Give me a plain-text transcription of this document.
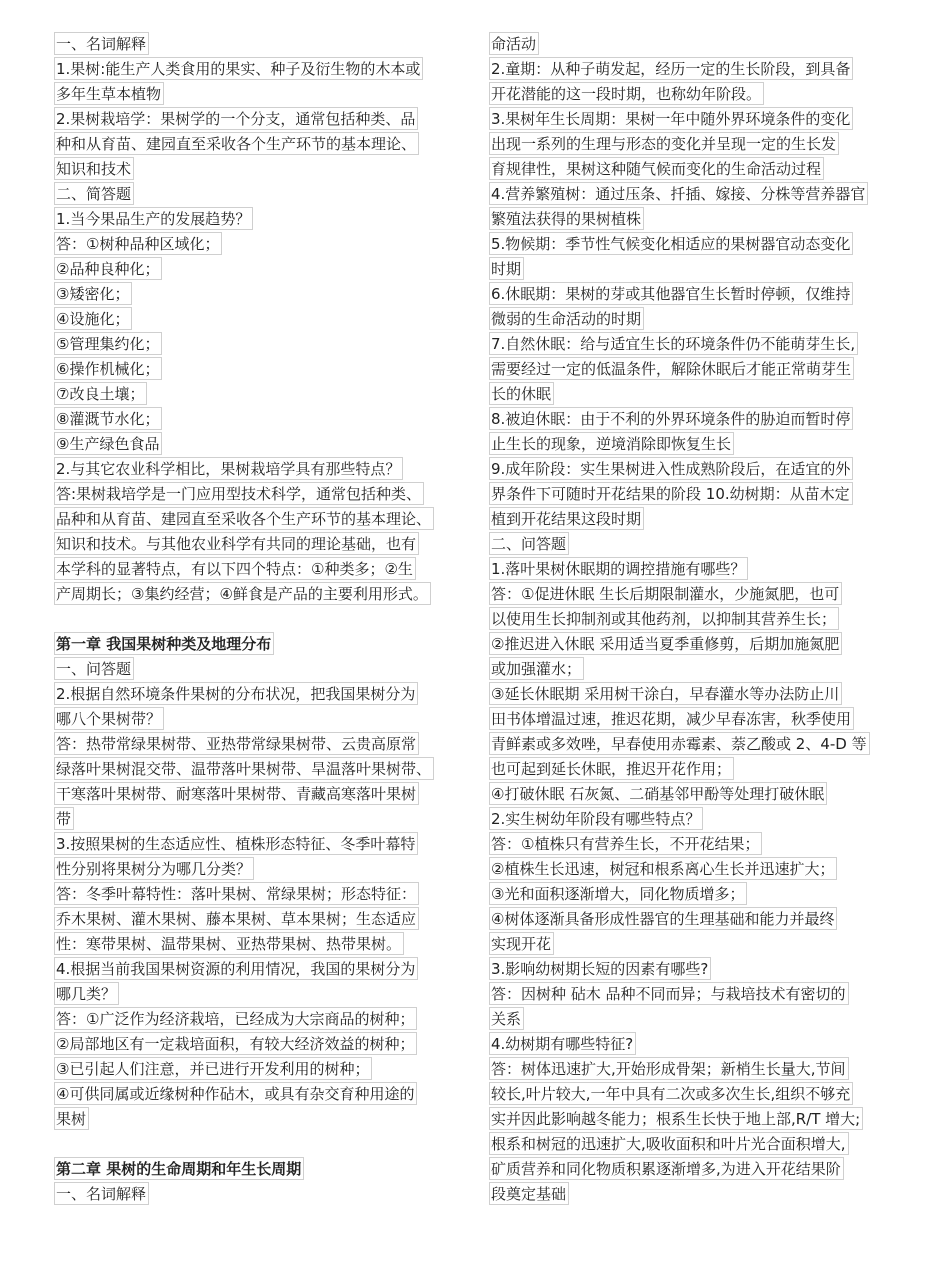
一、名词解释
1.果树:能生产人类食用的果实、种子及衍生物的木本或
多年生草本植物
2.果树栽培学：果树学的一个分支，通常包括种类、品
种和从育苗、建园直至采收各个生产环节的基本理论、
知识和技术
二、简答题
1.当今果品生产的发展趋势？
答：①树种品种区域化；
②品种良种化；
③矮密化；
④设施化；
⑤管理集约化；
⑥操作机械化；
⑦改良土壤；
⑧灌溉节水化；
⑨生产绿色食品
2.与其它农业科学相比，果树栽培学具有那些特点？
答:果树栽培学是一门应用型技术科学，通常包括种类、
品种和从育苗、建园直至采收各个生产环节的基本理论、
知识和技术。与其他农业科学有共同的理论基础，也有
本学科的显著特点，有以下四个特点：①种类多；②生
产周期长；③集约经营；④鲜食是产品的主要利用形式。
第一章 我国果树种类及地理分布
一、问答题
2.根据自然环境条件果树的分布状况，把我国果树分为
哪八个果树带？
答：热带常绿果树带、亚热带常绿果树带、云贵高原常
绿落叶果树混交带、温带落叶果树带、旱温落叶果树带、
干寒落叶果树带、耐寒落叶果树带、青藏高寒落叶果树
带
3.按照果树的生态适应性、植株形态特征、冬季叶幕特
性分别将果树分为哪几分类？
答：冬季叶幕特性：落叶果树、常绿果树；形态特征：
乔木果树、灌木果树、藤本果树、草本果树；生态适应
性：寒带果树、温带果树、亚热带果树、热带果树。
4.根据当前我国果树资源的利用情况，我国的果树分为
哪几类？
答：①广泛作为经济栽培，已经成为大宗商品的树种；
②局部地区有一定栽培面积，有较大经济效益的树种；
③已引起人们注意，并已进行开发利用的树种；
④可供同属或近缘树种作砧木，或具有杂交育种用途的
果树
第二章 果树的生命周期和年生长周期
一、名词解释
命活动
2.童期：从种子萌发起，经历一定的生长阶段，到具备
开花潜能的这一段时期，也称幼年阶段。
3.果树年生长周期：果树一年中随外界环境条件的变化
出现一系列的生理与形态的变化并呈现一定的生长发
育规律性，果树这种随气候而变化的生命活动过程
4.营养繁殖树：通过压条、扦插、嫁接、分株等营养器官
繁殖法获得的果树植株
5.物候期：季节性气候变化相适应的果树器官动态变化
时期
6.休眠期：果树的芽或其他器官生长暂时停顿，仅维持
微弱的生命活动的时期
7.自然休眠：给与适宜生长的环境条件仍不能萌芽生长,
需要经过一定的低温条件，解除休眠后才能正常萌芽生
长的休眠
8.被迫休眠：由于不利的外界环境条件的胁迫而暂时停
止生长的现象，逆境消除即恢复生长
9.成年阶段：实生果树进入性成熟阶段后，在适宜的外
界条件下可随时开花结果的阶段 10.幼树期：从苗木定
植到开花结果这段时期
二、问答题
1.落叶果树休眠期的调控措施有哪些？
答：①促进休眠 生长后期限制灌水，少施氮肥，也可
以使用生长抑制剂或其他药剂，以抑制其营养生长；
②推迟进入休眠 采用适当夏季重修剪，后期加施氮肥
或加强灌水；
③延长休眠期 采用树干涂白，早春灌水等办法防止川
田书体增温过速，推迟花期，减少早春冻害，秋季使用
青鲜素或多效唑，早春使用赤霉素、萘乙酸或 2、4-D 等
也可起到延长休眠，推迟开花作用；
④打破休眠 石灰氮、二硝基邻甲酚等处理打破休眠
2.实生树幼年阶段有哪些特点？
答：①植株只有营养生长，不开花结果；
②植株生长迅速，树冠和根系离心生长并迅速扩大；
③光和面积逐渐增大，同化物质增多；
④树体逐渐具备形成性器官的生理基础和能力并最终
实现开花
3.影响幼树期长短的因素有哪些?
答：因树种 砧木 品种不同而异；与栽培技术有密切的
关系
4.幼树期有哪些特征?
答：树体迅速扩大,开始形成骨架；新梢生长量大,节间
较长,叶片较大,一年中具有二次或多次生长,组织不够充
实并因此影响越冬能力；根系生长快于地上部,R/T 增大;
根系和树冠的迅速扩大,吸收面积和叶片光合面积增大,
矿质营养和同化物质积累逐渐增多,为进入开花结果阶
段奠定基础
